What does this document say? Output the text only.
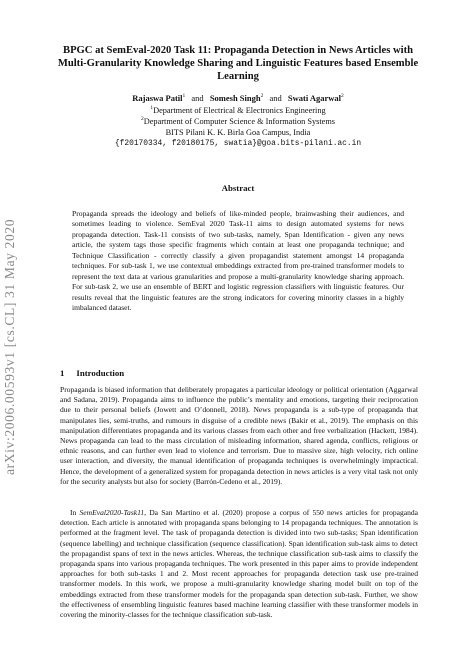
arXiv:2006.00593v1 [cs.CL] 31 May 2020
BPGC at SemEval-2020 Task 11: Propaganda Detection in News Articles with Multi-Granularity Knowledge Sharing and Linguistic Features based Ensemble Learning
Rajaswa Patil$^1$ and Somesh Singh$^2$ and Swati Agarwal$^2$
$^1$Department of Electrical & Electronics Engineering
$^2$Department of Computer Science & Information Systems
BITS Pilani K. K. Birla Goa Campus, India
{f20170334, f20180175, swatia}@goa.bits-pilani.ac.in
Abstract

Propaganda spreads the ideology and beliefs of like-minded people, brainwashing their audiences, and sometimes leading to violence. SemEval 2020 Task-11 aims to design automated systems for news propaganda detection. Task-11 consists of two sub-tasks, namely, Span Identification - given any news article, the system tags those specific fragments which contain at least one propaganda technique; and Technique Classification - correctly classify a given propagandist statement amongst 14 propaganda techniques. For sub-task 1, we use contextual embeddings extracted from pre-trained transformer models to represent the text data at various granularities and propose a multi-granularity knowledge sharing approach. For sub-task 2, we use an ensemble of BERT and logistic regression classifiers with linguistic features. Our results reveal that the linguistic features are the strong indicators for covering minority classes in a highly imbalanced dataset.

1 Introduction

Propaganda is biased information that deliberately propagates a particular ideology or political orientation (Aggarwal and Sadana, 2019). Propaganda aims to influence the public’s mentality and emotions, targeting their reciprocation due to their personal beliefs (Jowett and O’donnell, 2018). News propaganda is a sub-type of propaganda that manipulates lies, semi-truths, and rumours in disguise of a credible news (Bakir et al., 2019). The emphasis on this manipulation differentiates propaganda and its various classes from each other and free verbalization (Hackett, 1984). News propaganda can lead to the mass circulation of misleading information, shared agenda, conflicts, religious or ethnic reasons, and can further even lead to violence and terrorism. Due to massive size, high velocity, rich online user interaction, and diversity, the manual identification of propaganda techniques is overwhelmingly impractical. Hence, the development of a generalized system for propaganda detection in news articles is a very vital task not only for the security analysts but also for society (Barrón-Cedeno et al., 2019).

In SemEval2020-Task11, Da San Martino et al. (2020) propose a corpus of 550 news articles for propaganda detection. Each article is annotated with propaganda spans belonging to 14 propaganda techniques. The annotation is performed at the fragment level. The task of propaganda detection is divided into two sub-tasks; Span identification (sequence labelling) and technique classification (sequence classification). Span identification sub-task aims to detect the propagandist spans of text in the news articles. Whereas, the technique classification sub-task aims to classify the propaganda spans into various propaganda techniques. The work presented in this paper aims to provide independent approaches for both sub-tasks 1 and 2. Most recent approaches for propaganda detection task use pre-trained transformer models. In this work, we propose a multi-granularity knowledge sharing model built on top of the embeddings extracted from these transformer models for the propaganda span detection sub-task. Further, we show the effectiveness of ensembling linguistic features based machine learning classifier with these transformer models in covering the minority-classes for the technique classification sub-task.
